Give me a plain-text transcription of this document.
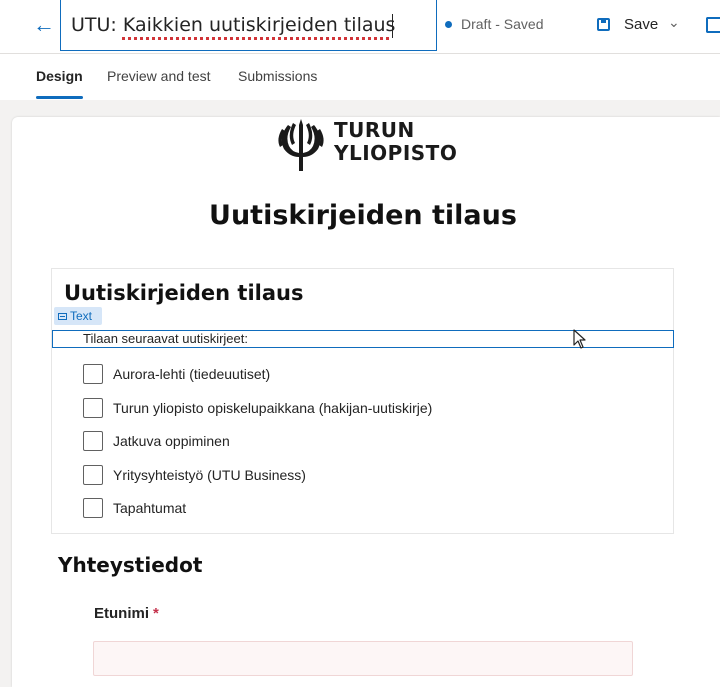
←
UTU: Kaikkien uutiskirjeiden tilaus	Draft - Saved	Save ⌄
Design Preview and test Submissions
TURUN
YLIOPISTO
Uutiskirjeiden tilaus
Uutiskirjeiden tilaus
Text
Tilaan seuraavat uutiskirjeet:
Aurora-lehti (tiedeuutiset)
Turun yliopisto opiskelupaikkana (hakijan-uutiskirje)
Jatkuva oppiminen
Yritysyhteistyö (UTU Business)
Tapahtumat
Yhteystiedot
Etunimi *
